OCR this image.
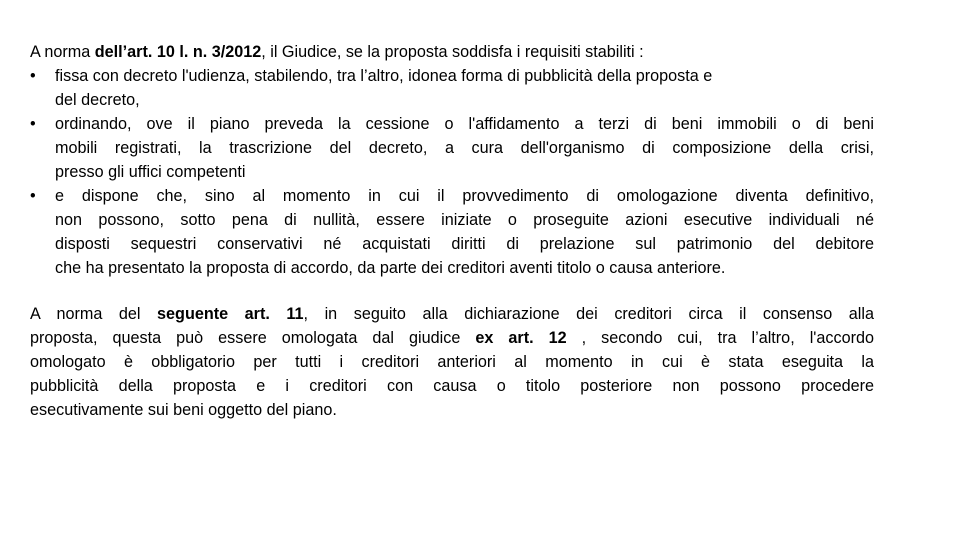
A norma dell’art. 10 l. n. 3/2012, il Giudice, se la proposta soddisfa i requisiti stabiliti :

• fissa con decreto l'udienza, stabilendo, tra l’altro, idonea forma di pubblicità della proposta e

del decreto,

• ordinando, ove il piano preveda la cessione o l'affidamento a terzi di beni immobili o di beni

mobili registrati, la trascrizione del decreto, a cura dell'organismo di composizione della crisi,

presso gli uffici competenti

• e dispone che, sino al momento in cui il provvedimento di omologazione diventa definitivo,

non possono, sotto pena di nullità, essere iniziate o proseguite azioni esecutive individuali né

disposti sequestri conservativi né acquistati diritti di prelazione sul patrimonio del debitore

che ha presentato la proposta di accordo, da parte dei creditori aventi titolo o causa anteriore.

A norma del seguente art. 11, in seguito alla dichiarazione dei creditori circa il consenso alla

proposta, questa può essere omologata dal giudice ex art. 12 , secondo cui, tra l’altro, l'accordo

omologato è obbligatorio per tutti i creditori anteriori al momento in cui è stata eseguita la

pubblicità della proposta e i creditori con causa o titolo posteriore non possono procedere

esecutivamente sui beni oggetto del piano.
